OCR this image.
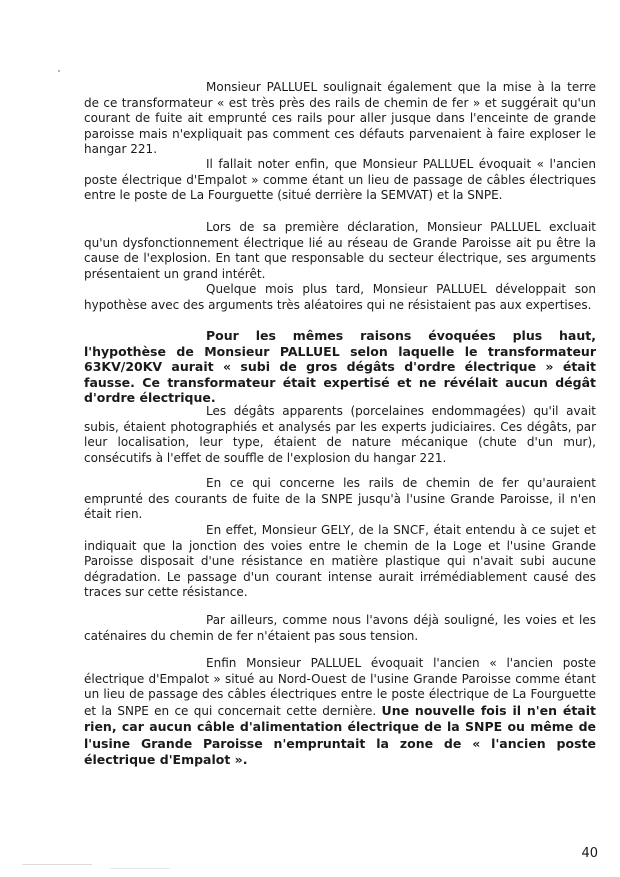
Monsieur PALLUEL soulignait également que la mise à la terre de ce transformateur « est très près des rails de chemin de fer » et suggérait qu'un courant de fuite ait emprunté ces rails pour aller jusque dans l'enceinte de grande paroisse mais n'expliquait pas comment ces défauts parvenaient à faire exploser le hangar 221.

Il fallait noter enfin, que Monsieur PALLUEL évoquait « l'ancien poste électrique d'Empalot » comme étant un lieu de passage de câbles électriques entre le poste de La Fourguette (situé derrière la SEMVAT) et la SNPE.

Lors de sa première déclaration, Monsieur PALLUEL excluait qu'un dysfonctionnement électrique lié au réseau de Grande Paroisse ait pu être la cause de l'explosion. En tant que responsable du secteur électrique, ses arguments présentaient un grand intérêt.

Quelque mois plus tard, Monsieur PALLUEL développait son hypothèse avec des arguments très aléatoires qui ne résistaient pas aux expertises.

Pour les mêmes raisons évoquées plus haut, l'hypothèse de Monsieur PALLUEL selon laquelle le transformateur 63KV/20KV aurait « subi de gros dégâts d'ordre électrique » était fausse. Ce transformateur était expertisé et ne révélait aucun dégât d'ordre électrique.

Les dégâts apparents (porcelaines endommagées) qu'il avait subis, étaient photographiés et analysés par les experts judiciaires. Ces dégâts, par leur localisation, leur type, étaient de nature mécanique (chute d'un mur), consécutifs à l'effet de souffle de l'explosion du hangar 221.

En ce qui concerne les rails de chemin de fer qu'auraient emprunté des courants de fuite de la SNPE jusqu'à l'usine Grande Paroisse, il n'en était rien.

En effet, Monsieur GELY, de la SNCF, était entendu à ce sujet et indiquait que la jonction des voies entre le chemin de la Loge et l'usine Grande Paroisse disposait d'une résistance en matière plastique qui n'avait subi aucune dégradation. Le passage d'un courant intense aurait irrémédiablement causé des traces sur cette résistance.

Par ailleurs, comme nous l'avons déjà souligné, les voies et les caténaires du chemin de fer n'étaient pas sous tension.

Enfin Monsieur PALLUEL évoquait l'ancien « l'ancien poste électrique d'Empalot » situé au Nord-Ouest de l'usine Grande Paroisse comme étant un lieu de passage des câbles électriques entre le poste électrique de La Fourguette et la SNPE en ce qui concernait cette dernière. Une nouvelle fois il n'en était rien, car aucun câble d'alimentation électrique de la SNPE ou même de l'usine Grande Paroisse n'empruntait la zone de « l'ancien poste électrique d'Empalot ».

40
